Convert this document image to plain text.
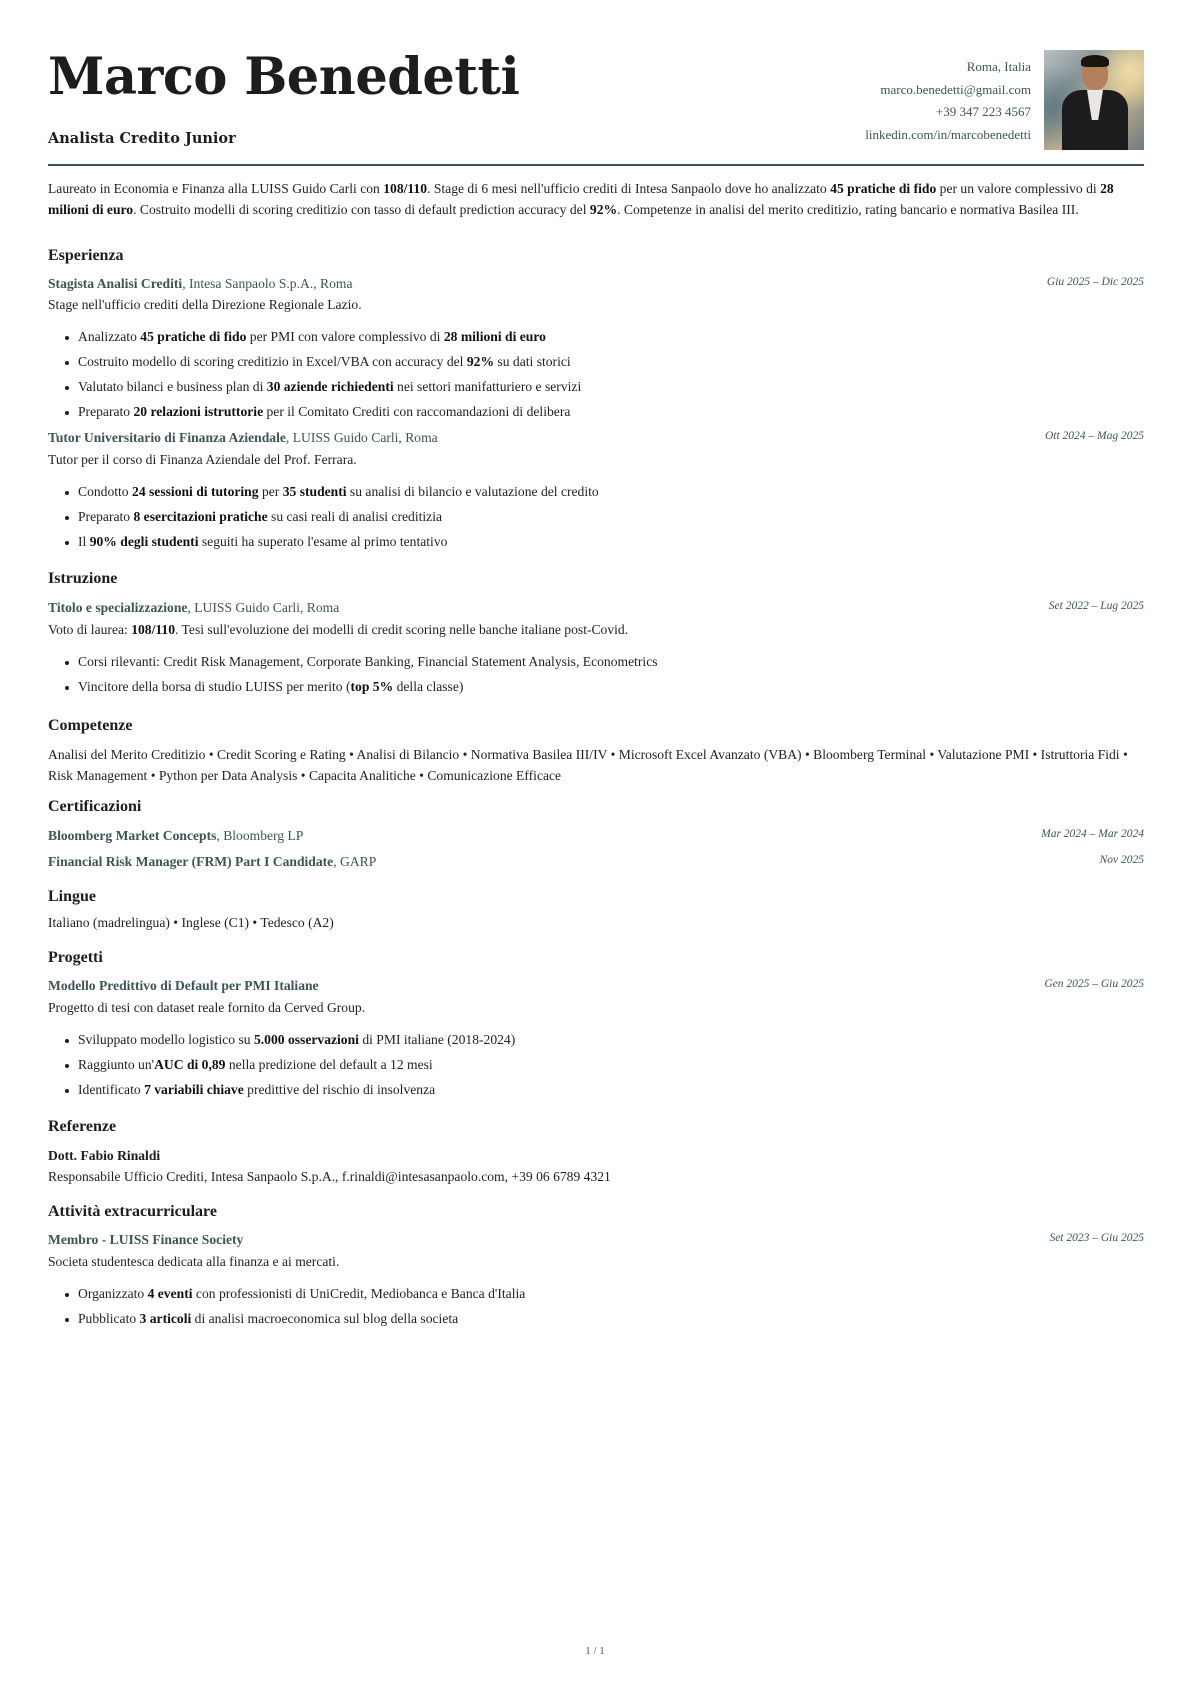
Marco Benedetti
Analista Credito Junior
Roma, Italia
marco.benedetti@gmail.com
+39 347 223 4567
linkedin.com/in/marcobenedetti
Laureato in Economia e Finanza alla LUISS Guido Carli con 108/110. Stage di 6 mesi nell'ufficio crediti di Intesa Sanpaolo dove ho analizzato 45 pratiche di fido per un valore complessivo di 28 milioni di euro. Costruito modelli di scoring creditizio con tasso di default prediction accuracy del 92%. Competenze in analisi del merito creditizio, rating bancario e normativa Basilea III.
Esperienza
Stagista Analisi Crediti, Intesa Sanpaolo S.p.A., Roma	Giu 2025 – Dic 2025
Stage nell'ufficio crediti della Direzione Regionale Lazio.
Analizzato 45 pratiche di fido per PMI con valore complessivo di 28 milioni di euro
Costruito modello di scoring creditizio in Excel/VBA con accuracy del 92% su dati storici
Valutato bilanci e business plan di 30 aziende richiedenti nei settori manifatturiero e servizi
Preparato 20 relazioni istruttorie per il Comitato Crediti con raccomandazioni di delibera
Tutor Universitario di Finanza Aziendale, LUISS Guido Carli, Roma	Ott 2024 – Mag 2025
Tutor per il corso di Finanza Aziendale del Prof. Ferrara.
Condotto 24 sessioni di tutoring per 35 studenti su analisi di bilancio e valutazione del credito
Preparato 8 esercitazioni pratiche su casi reali di analisi creditizia
Il 90% degli studenti seguiti ha superato l'esame al primo tentativo
Istruzione
Titolo e specializzazione, LUISS Guido Carli, Roma	Set 2022 – Lug 2025
Voto di laurea: 108/110. Tesi sull'evoluzione dei modelli di credit scoring nelle banche italiane post-Covid.
Corsi rilevanti: Credit Risk Management, Corporate Banking, Financial Statement Analysis, Econometrics
Vincitore della borsa di studio LUISS per merito (top 5% della classe)
Competenze
Analisi del Merito Creditizio • Credit Scoring e Rating • Analisi di Bilancio • Normativa Basilea III/IV • Microsoft Excel Avanzato (VBA) • Bloomberg Terminal • Valutazione PMI • Istruttoria Fidi • Risk Management • Python per Data Analysis • Capacita Analitiche • Comunicazione Efficace
Certificazioni
Bloomberg Market Concepts, Bloomberg LP	Mar 2024 – Mar 2024
Financial Risk Manager (FRM) Part I Candidate, GARP	Nov 2025
Lingue
Italiano (madrelingua) • Inglese (C1) • Tedesco (A2)
Progetti
Modello Predittivo di Default per PMI Italiane	Gen 2025 – Giu 2025
Progetto di tesi con dataset reale fornito da Cerved Group.
Sviluppato modello logistico su 5.000 osservazioni di PMI italiane (2018-2024)
Raggiunto un'AUC di 0,89 nella predizione del default a 12 mesi
Identificato 7 variabili chiave predittive del rischio di insolvenza
Referenze
Dott. Fabio Rinaldi
Responsabile Ufficio Crediti, Intesa Sanpaolo S.p.A., f.rinaldi@intesasanpaolo.com, +39 06 6789 4321
Attività extracurriculare
Membro - LUISS Finance Society	Set 2023 – Giu 2025
Societa studentesca dedicata alla finanza e ai mercati.
Organizzato 4 eventi con professionisti di UniCredit, Mediobanca e Banca d'Italia
Pubblicato 3 articoli di analisi macroeconomica sul blog della societa
1 / 1
